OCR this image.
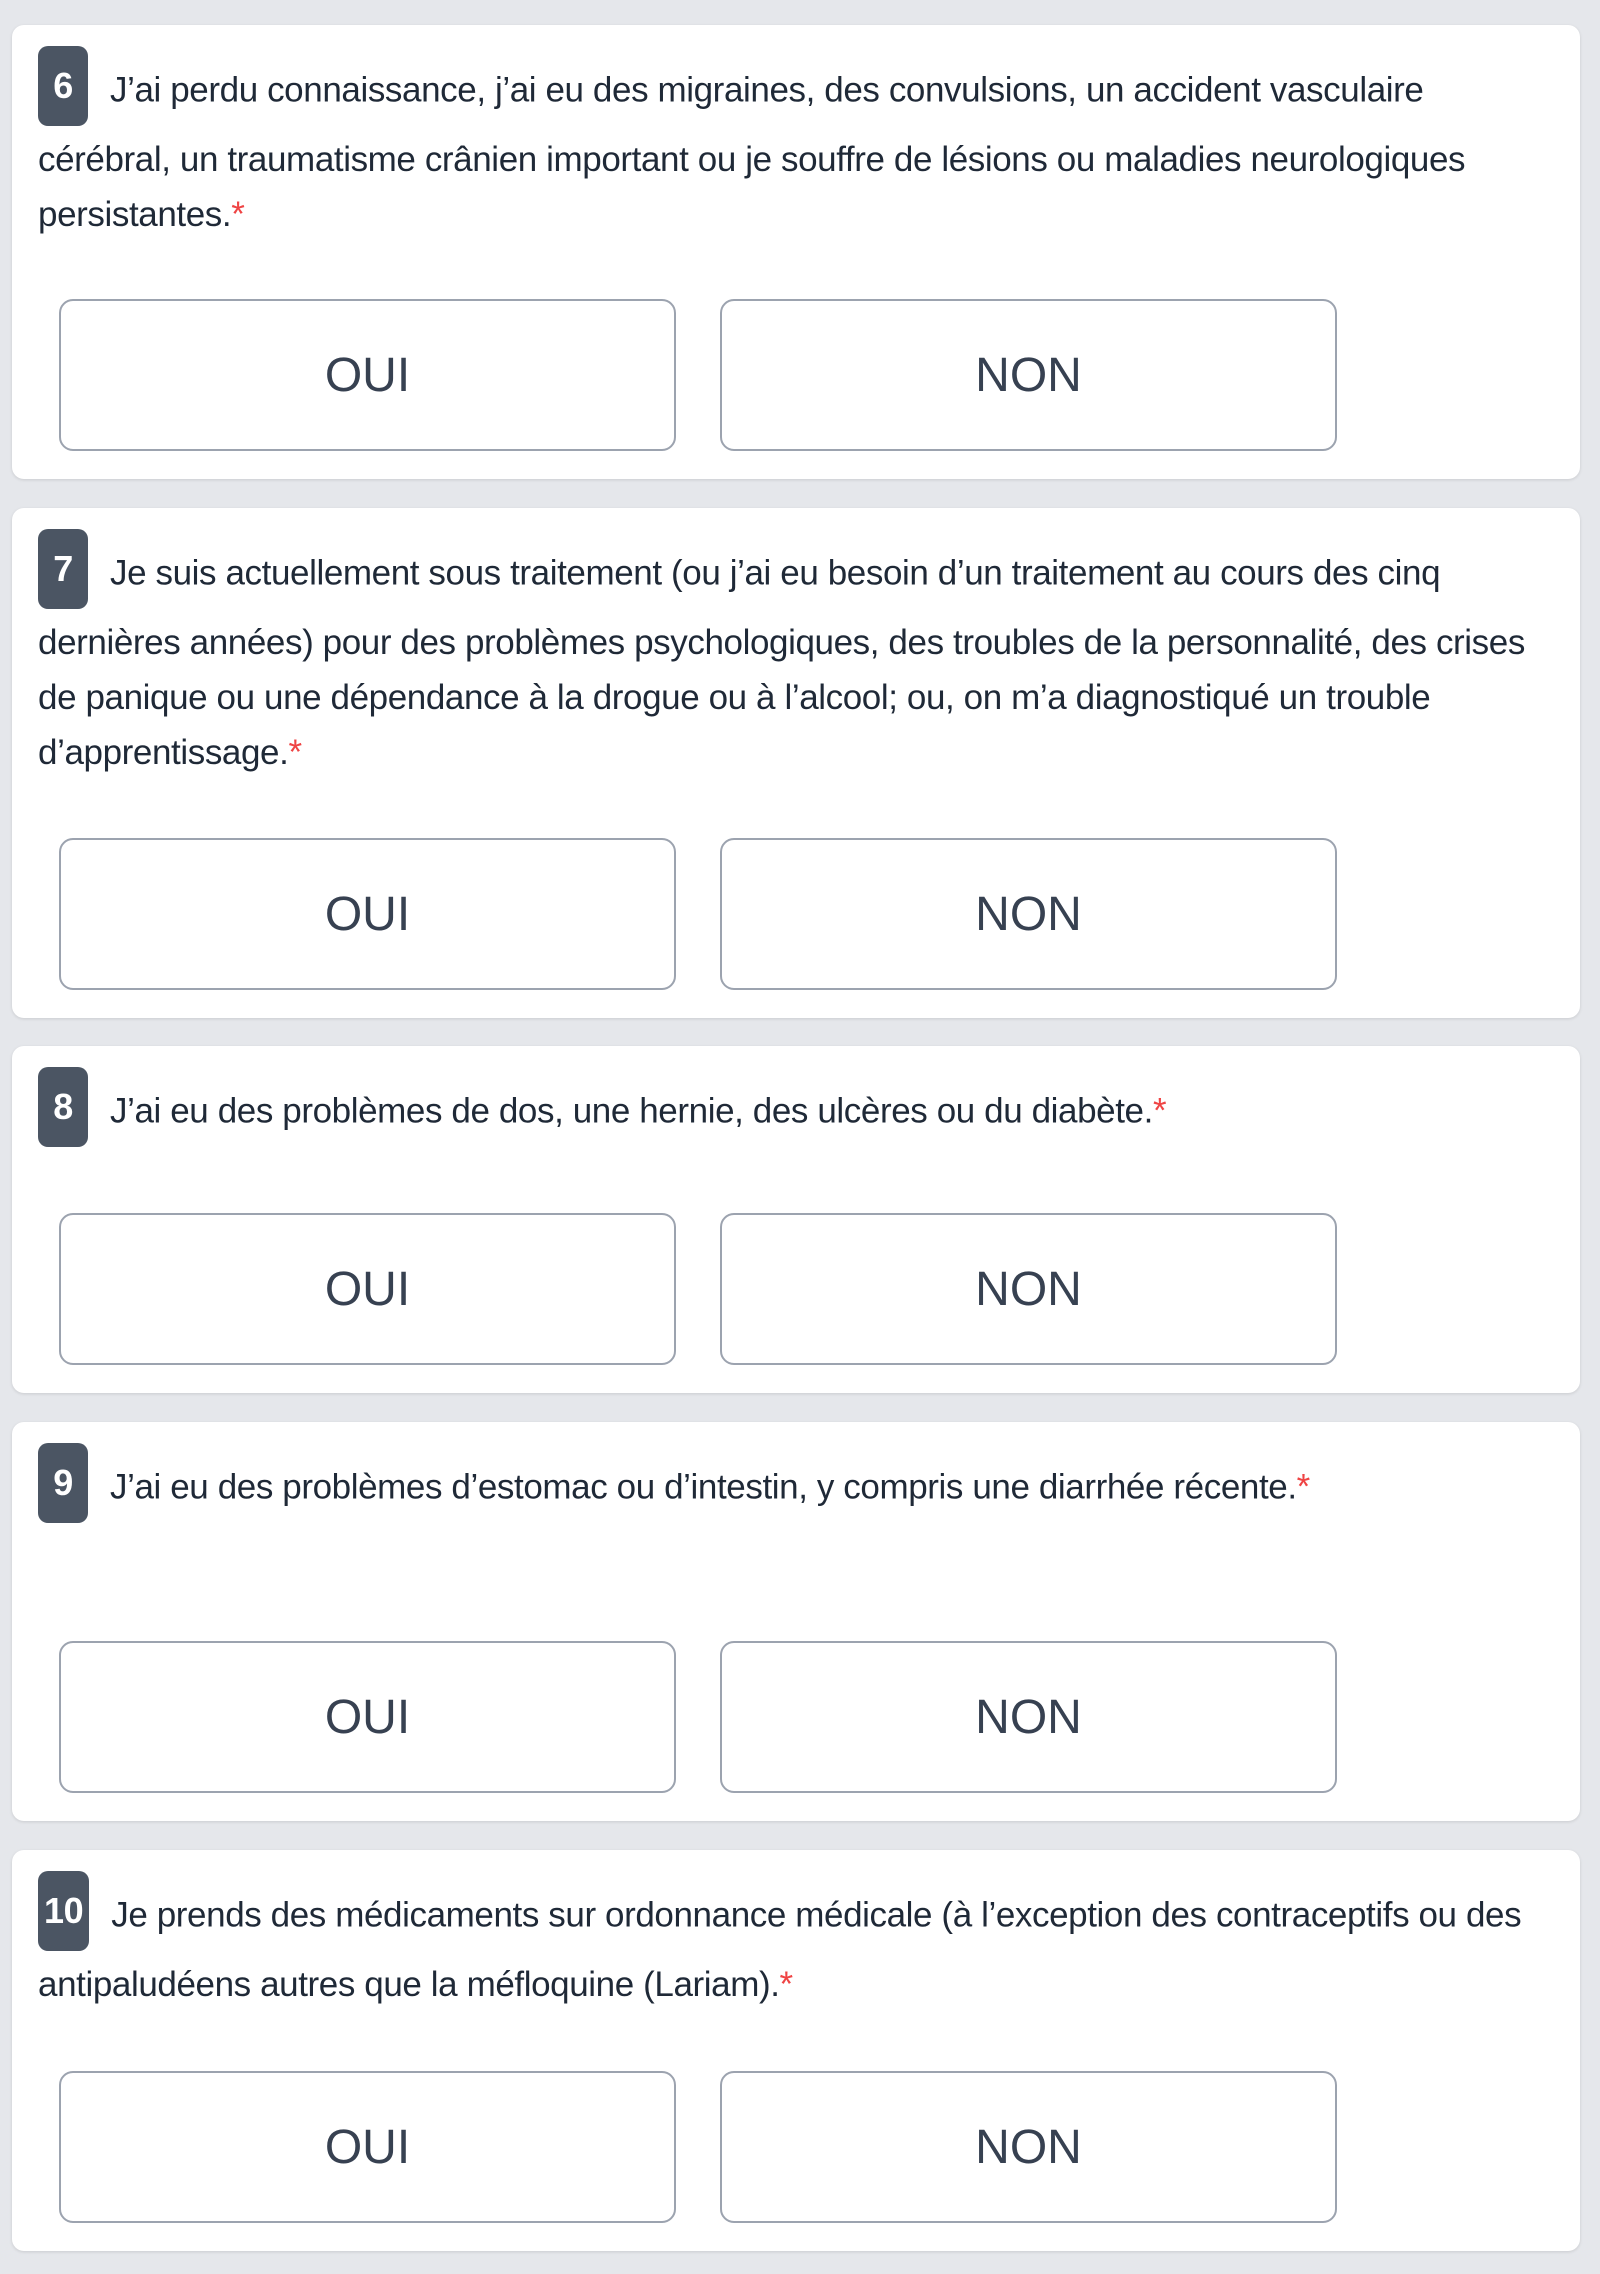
6 J’ai perdu connaissance, j’ai eu des migraines, des convulsions, un accident vasculaire cérébral, un traumatisme crânien important ou je souffre de lésions ou maladies neurologiques persistantes.*
OUI	NON
7 Je suis actuellement sous traitement (ou j’ai eu besoin d’un traitement au cours des cinq dernières années) pour des problèmes psychologiques, des troubles de la personnalité, des crises de panique ou une dépendance à la drogue ou à l’alcool; ou, on m’a diagnostiqué un trouble d’apprentissage.*
OUI	NON
8 J’ai eu des problèmes de dos, une hernie, des ulcères ou du diabète.*
OUI	NON
9 J’ai eu des problèmes d’estomac ou d’intestin, y compris une diarrhée récente.*
OUI	NON
10 Je prends des médicaments sur ordonnance médicale (à l’exception des contraceptifs ou des antipaludéens autres que la méfloquine (Lariam).*
OUI	NON
